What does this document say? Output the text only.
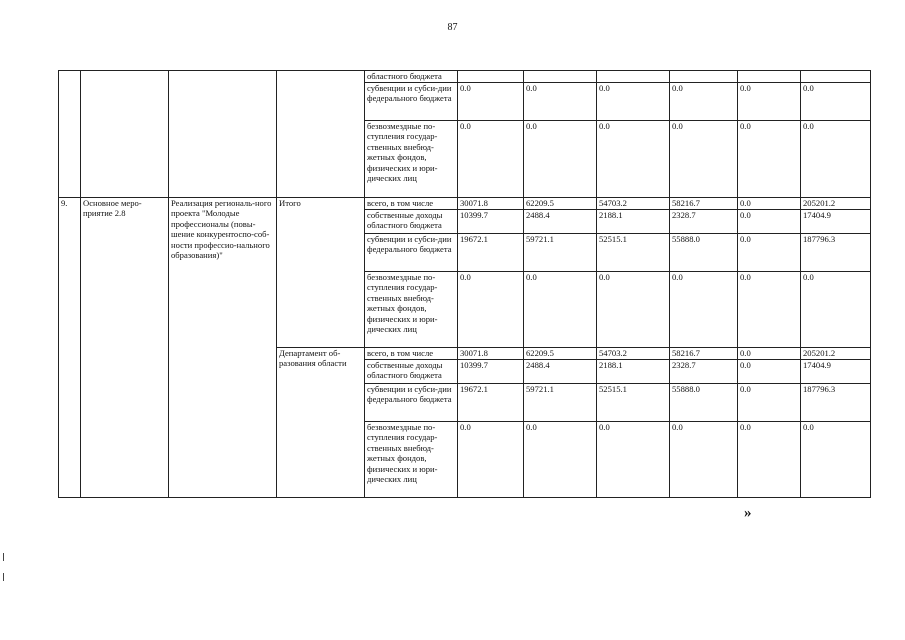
87
				областного бюджета						
				субвенции и субси-дии федерального бюджета	0.0	0.0	0.0	0.0	0.0	0.0
				безвозмездные по-ступления государ-ственных внебюд-жетных фондов, физических и юри-дических лиц	0.0	0.0	0.0	0.0	0.0	0.0
9.	Основное меро-приятие 2.8	Реализация региональ-ного проекта "Молодые профессионалы (повы-шение конкурентоспо-соб-ности профессио-нального образования)"	Итого	всего, в том числе	30071.8	62209.5	54703.2	58216.7	0.0	205201.2
				собственные доходы областного бюджета	10399.7	2488.4	2188.1	2328.7	0.0	17404.9
				субвенции и субси-дии федерального бюджета	19672.1	59721.1	52515.1	55888.0	0.0	187796.3
				безвозмездные по-ступления государ-ственных внебюд-жетных фондов, физических и юри-дических лиц	0.0	0.0	0.0	0.0	0.0	0.0
			Департамент об-разования области	всего, в том числе	30071.8	62209.5	54703.2	58216.7	0.0	205201.2
				собственные доходы областного бюджета	10399.7	2488.4	2188.1	2328.7	0.0	17404.9
				субвенции и субси-дии федерального бюджета	19672.1	59721.1	52515.1	55888.0	0.0	187796.3
				безвозмездные по-ступления государ-ственных внебюд-жетных фондов, физических и юри-дических лиц	0.0	0.0	0.0	0.0	0.0	0.0
»
